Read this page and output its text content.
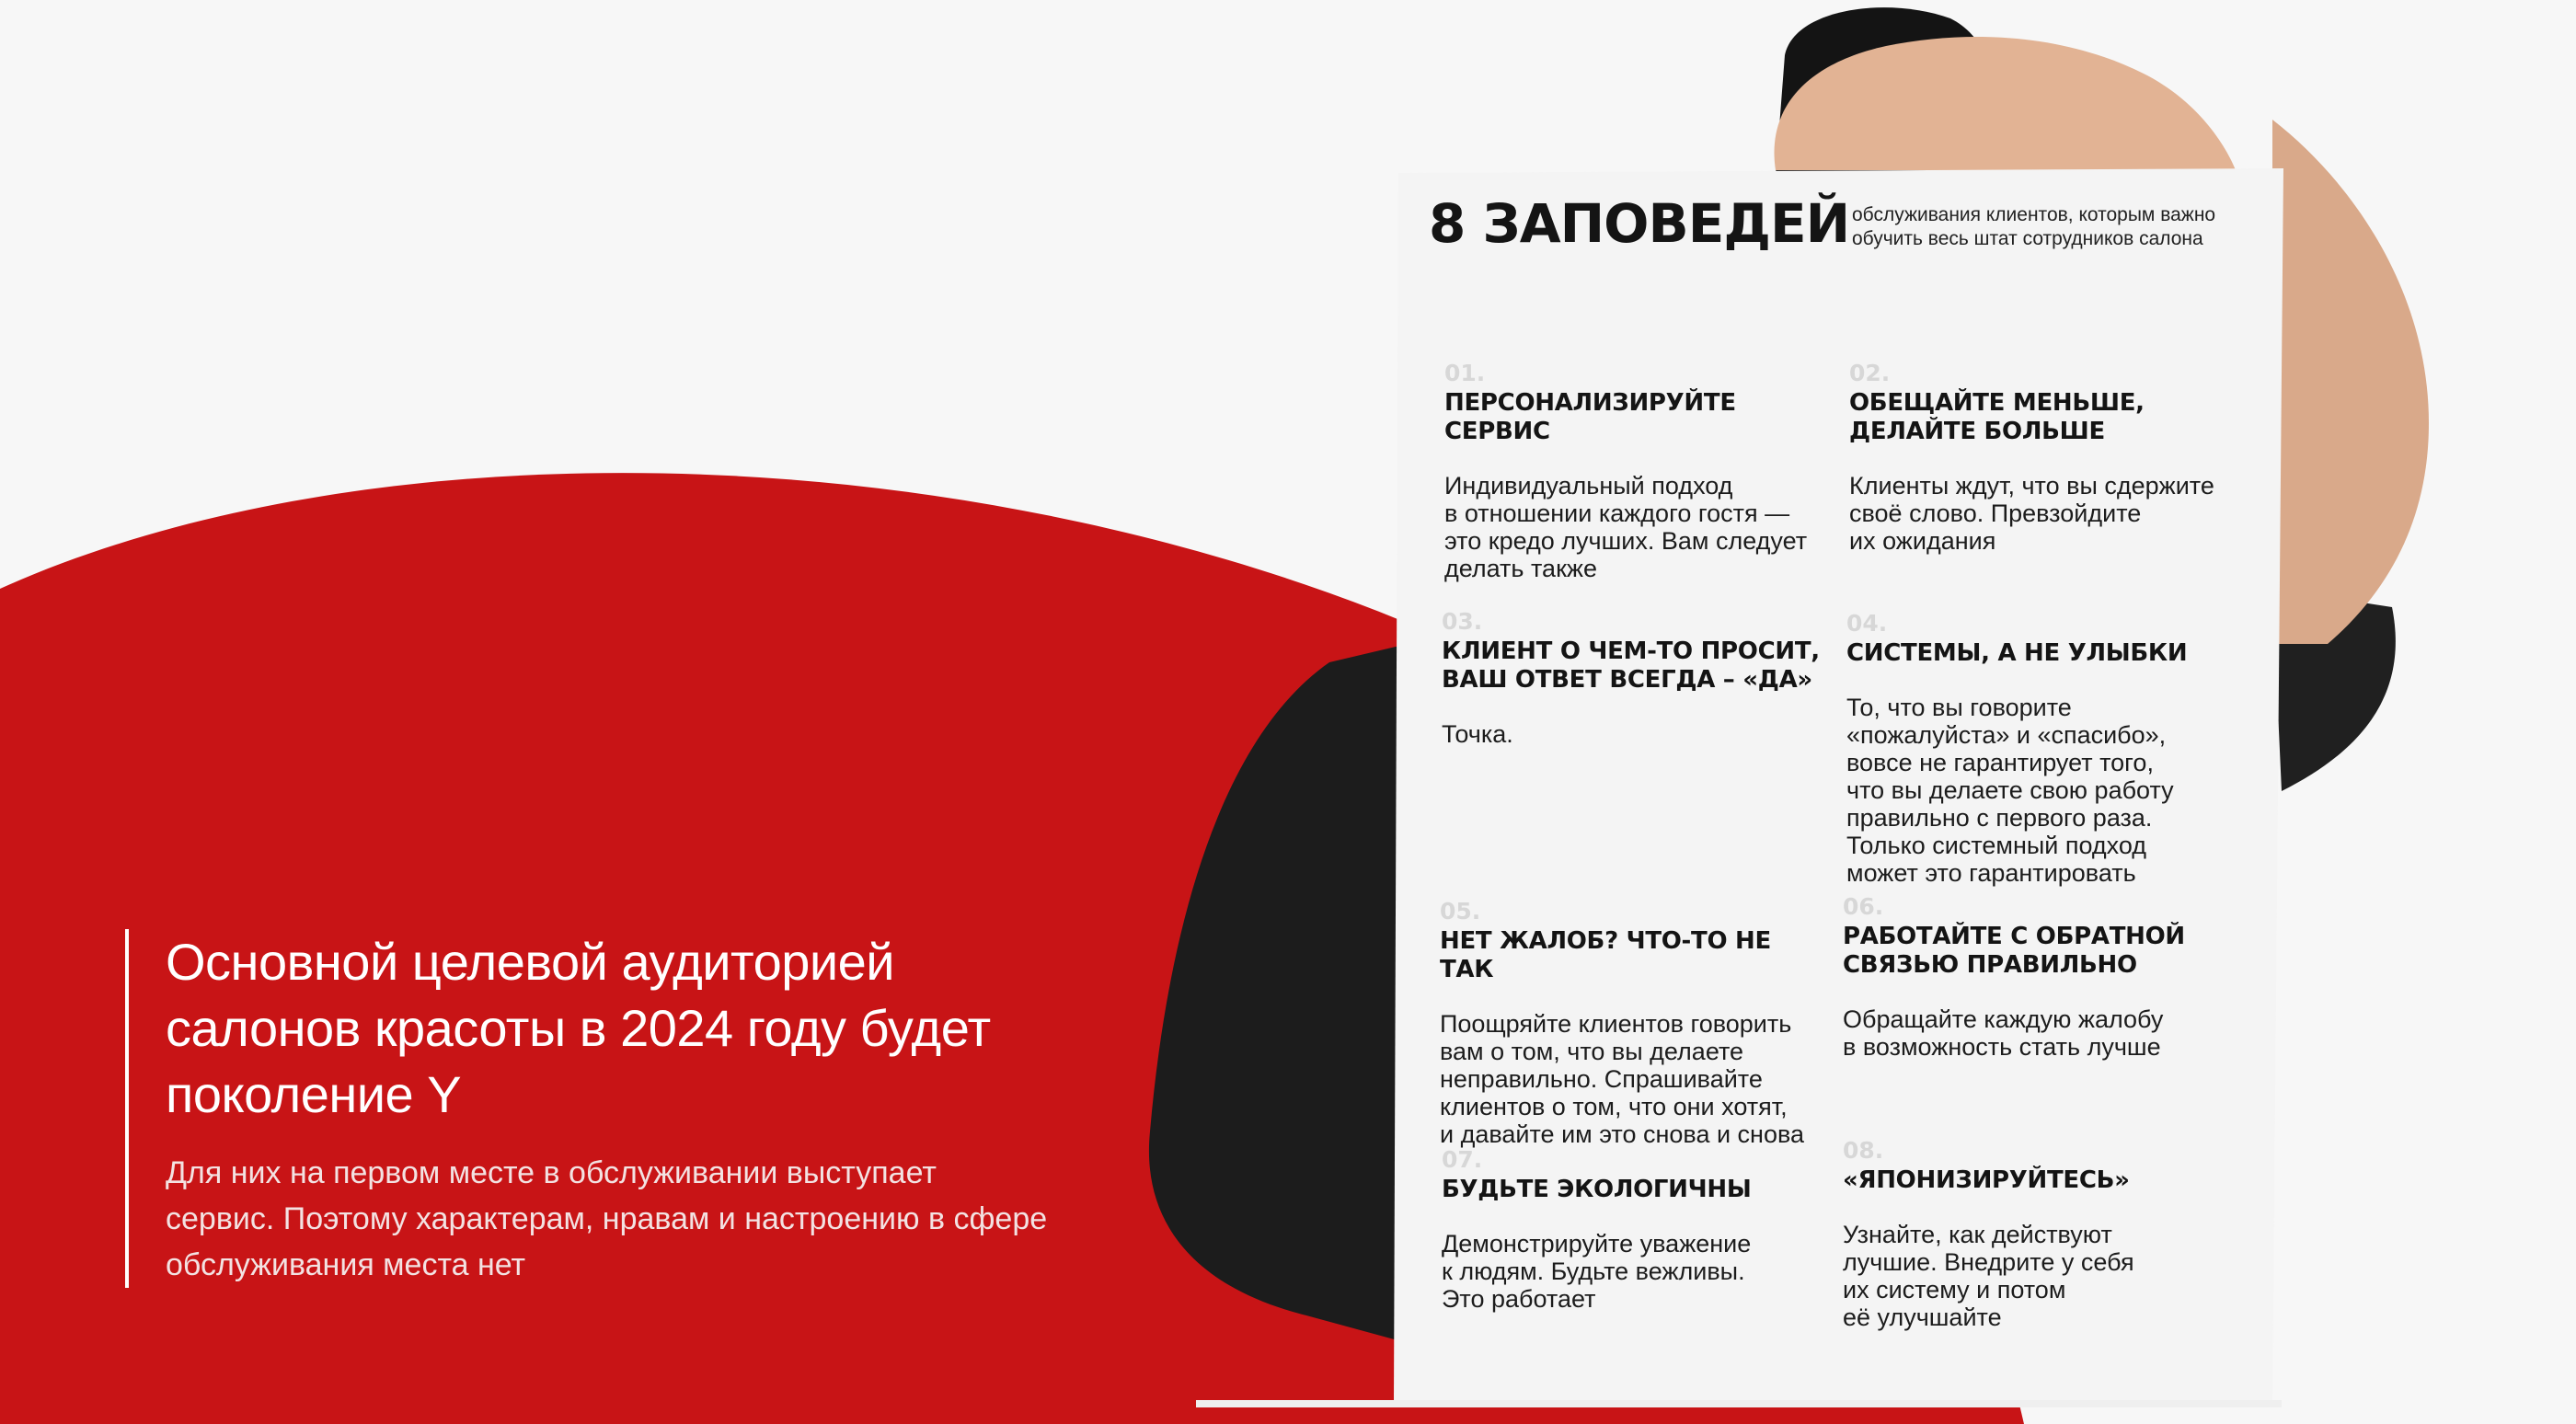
Основной целевой аудиторией
салонов красоты в 2024 году будет
поколение Y

Для них на первом месте в обслуживании выступает
сервис. Поэтому характерам, нравам и настроению в сфере
обслуживания места нет

8 ЗАПОВЕДЕЙ обслуживания клиентов, которым важно
обучить весь штат сотрудников салона
01.
ПЕРСОНАЛИЗИРУЙТЕ
СЕРВИС
Индивидуальный подход
в отношении каждого гостя —
это кредо лучших. Вам следует
делать также
02.
ОБЕЩАЙТЕ МЕНЬШЕ,
ДЕЛАЙТЕ БОЛЬШЕ
Клиенты ждут, что вы сдержите
своё слово. Превзойдите
их ожидания
03.
КЛИЕНТ О ЧЕМ-ТО ПРОСИТ,
ВАШ ОТВЕТ ВСЕГДА – «ДА»
Точка.
04.
СИСТЕМЫ, А НЕ УЛЫБКИ
То, что вы говорите
«пожалуйста» и «спасибо»,
вовсе не гарантирует того,
что вы делаете свою работу
правильно с первого раза.
Только системный подход
может это гарантировать
05.
НЕТ ЖАЛОБ? ЧТО-ТО НЕ ТАК
Поощряйте клиентов говорить
вам о том, что вы делаете
неправильно. Спрашивайте
клиентов о том, что они хотят,
и давайте им это снова и снова
06.
РАБОТАЙТЕ С ОБРАТНОЙ
СВЯЗЬЮ ПРАВИЛЬНО
Обращайте каждую жалобу
в возможность стать лучше
07.
БУДЬТЕ ЭКОЛОГИЧНЫ
Демонстрируйте уважение
к людям. Будьте вежливы.
Это работает
08.
«ЯПОНИЗИРУЙТЕСЬ»
Узнайте, как действуют
лучшие. Внедрите у себя
их систему и потом
её улучшайте
